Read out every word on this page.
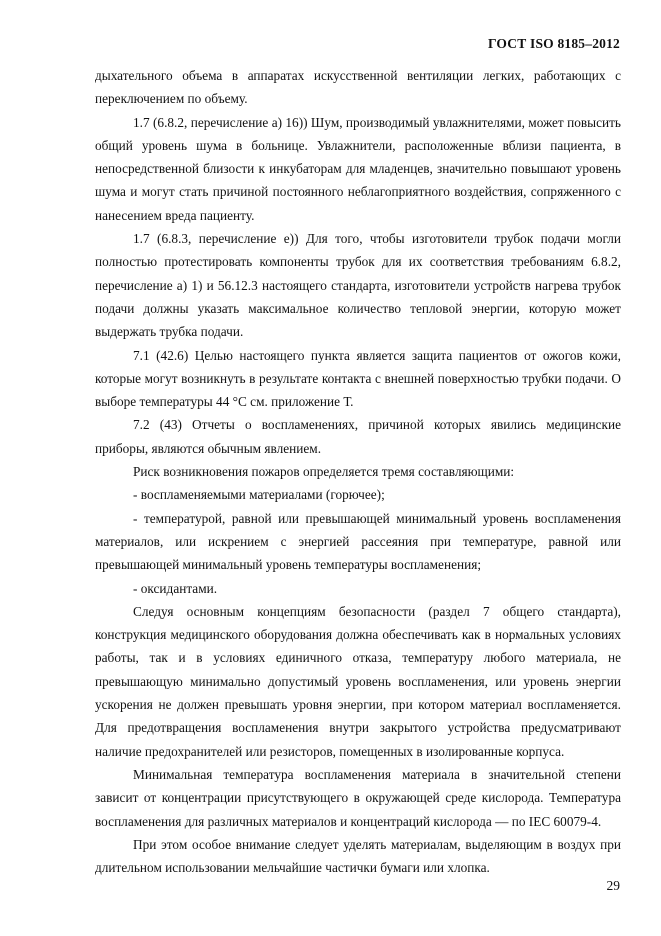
ГОСТ ISO 8185–2012

дыхательного объема в аппаратах искусственной вентиляции легких, работающих с переключением по объему.

1.7 (6.8.2, перечисление а) 16)) Шум, производимый увлажнителями, может повысить общий уровень шума в больнице. Увлажнители, расположенные вблизи пациента, в непосредственной близости к инкубаторам для младенцев, значительно повышают уровень шума и могут стать причиной постоянного неблагоприятного воздействия, сопряженного с нанесением вреда пациенту.

1.7 (6.8.3, перечисление е)) Для того, чтобы изготовители трубок подачи могли полностью протестировать компоненты трубок для их соответствия требованиям 6.8.2, перечисление а) 1) и 56.12.3 настоящего стандарта, изготовители устройств нагрева трубок подачи должны указать максимальное количество тепловой энергии, которую может выдержать трубка подачи.

7.1 (42.6) Целью настоящего пункта является защита пациентов от ожогов кожи, которые могут возникнуть в результате контакта с внешней поверхностью трубки подачи. О выборе температуры 44 °С см. приложение Т.

7.2 (43) Отчеты о воспламенениях, причиной которых явились медицинские приборы, являются обычным явлением.

Риск возникновения пожаров определяется тремя составляющими:

- воспламеняемыми материалами (горючее);

- температурой, равной или превышающей минимальный уровень воспламенения материалов, или искрением с энергией рассеяния при температуре, равной или превышающей минимальный уровень температуры воспламенения;

- оксидантами.

Следуя основным концепциям безопасности (раздел 7 общего стандарта), конструкция медицинского оборудования должна обеспечивать как в нормальных условиях работы, так и в условиях единичного отказа, температуру любого материала, не превышающую минимально допустимый уровень воспламенения, или уровень энергии ускорения не должен превышать уровня энергии, при котором материал воспламеняется. Для предотвращения воспламенения внутри закрытого устройства предусматривают наличие предохранителей или резисторов, помещенных в изолированные корпуса.

Минимальная температура воспламенения материала в значительной степени зависит от концентрации присутствующего в окружающей среде кислорода. Температура воспламенения для различных материалов и концентраций кислорода — по IEC 60079-4.

При этом особое внимание следует уделять материалам, выделяющим в воздух при длительном использовании мельчайшие частички бумаги или хлопка.

29
